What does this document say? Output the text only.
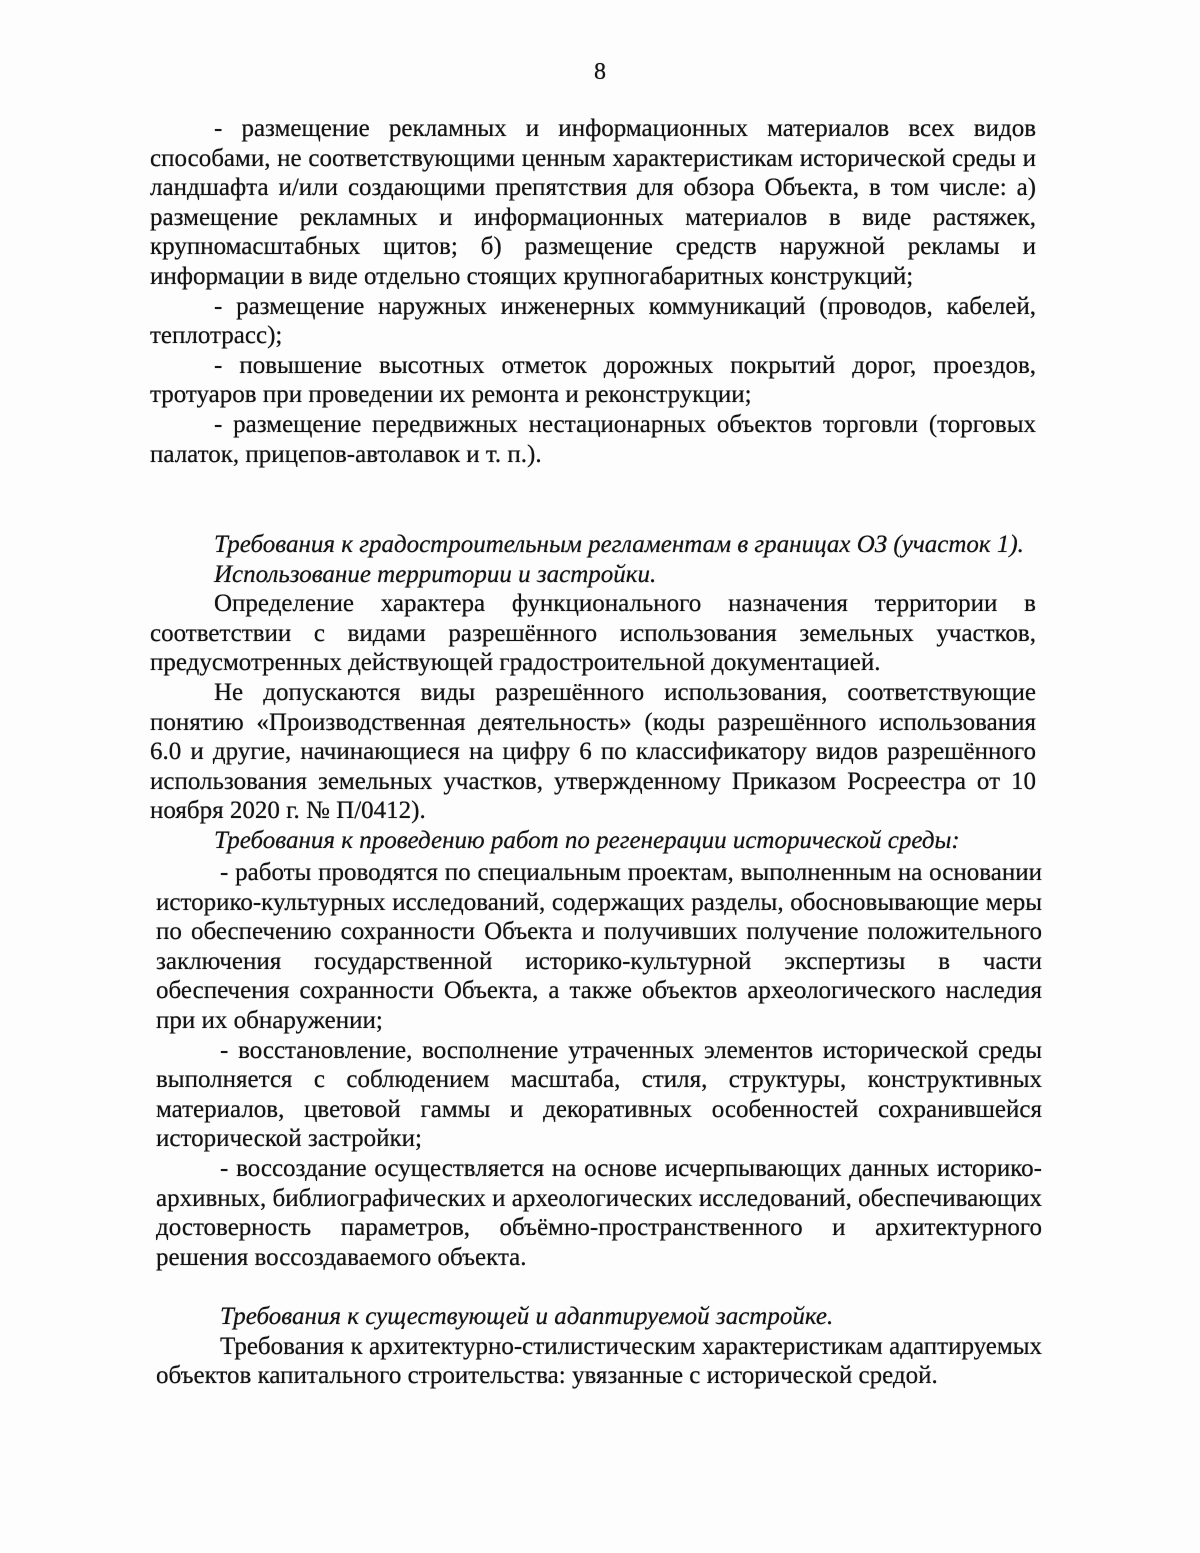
8

- размещение рекламных и информационных материалов всех видов способами, не соответствующими ценным характеристикам исторической среды и ландшафта и/или создающими препятствия для обзора Объекта, в том числе: а) размещение рекламных и информационных материалов в виде растяжек, крупномасштабных щитов; б) размещение средств наружной рекламы и информации в виде отдельно стоящих крупногабаритных конструкций;

- размещение наружных инженерных коммуникаций (проводов, кабелей, теплотрасс);

- повышение высотных отметок дорожных покрытий дорог, проездов, тротуаров при проведении их ремонта и реконструкции;

- размещение передвижных нестационарных объектов торговли (торговых палаток, прицепов-автолавок и т. п.).

Требования к градостроительным регламентам в границах ОЗ (участок 1).

Использование территории и застройки.

Определение характера функционального назначения территории в соответствии с видами разрешённого использования земельных участков, предусмотренных действующей градостроительной документацией.

Не допускаются виды разрешённого использования, соответствующие понятию «Производственная деятельность» (коды разрешённого использования 6.0 и другие, начинающиеся на цифру 6 по классификатору видов разрешённого использования земельных участков, утвержденному Приказом Росреестра от 10 ноября 2020 г. № П/0412).

Требования к проведению работ по регенерации исторической среды:

- работы проводятся по специальным проектам, выполненным на основании историко-культурных исследований, содержащих разделы, обосновывающие меры по обеспечению сохранности Объекта и получивших получение положительного заключения государственной историко-культурной экспертизы в части обеспечения сохранности Объекта, а также объектов археологического наследия при их обнаружении;

- восстановление, восполнение утраченных элементов исторической среды выполняется с соблюдением масштаба, стиля, структуры, конструктивных материалов, цветовой гаммы и декоративных особенностей сохранившейся исторической застройки;

- воссоздание осуществляется на основе исчерпывающих данных историко-архивных, библиографических и археологических исследований, обеспечивающих достоверность параметров, объёмно-пространственного и архитектурного решения воссоздаваемого объекта.

Требования к существующей и адаптируемой застройке.

Требования к архитектурно-стилистическим характеристикам адаптируемых объектов капитального строительства: увязанные с исторической средой.
